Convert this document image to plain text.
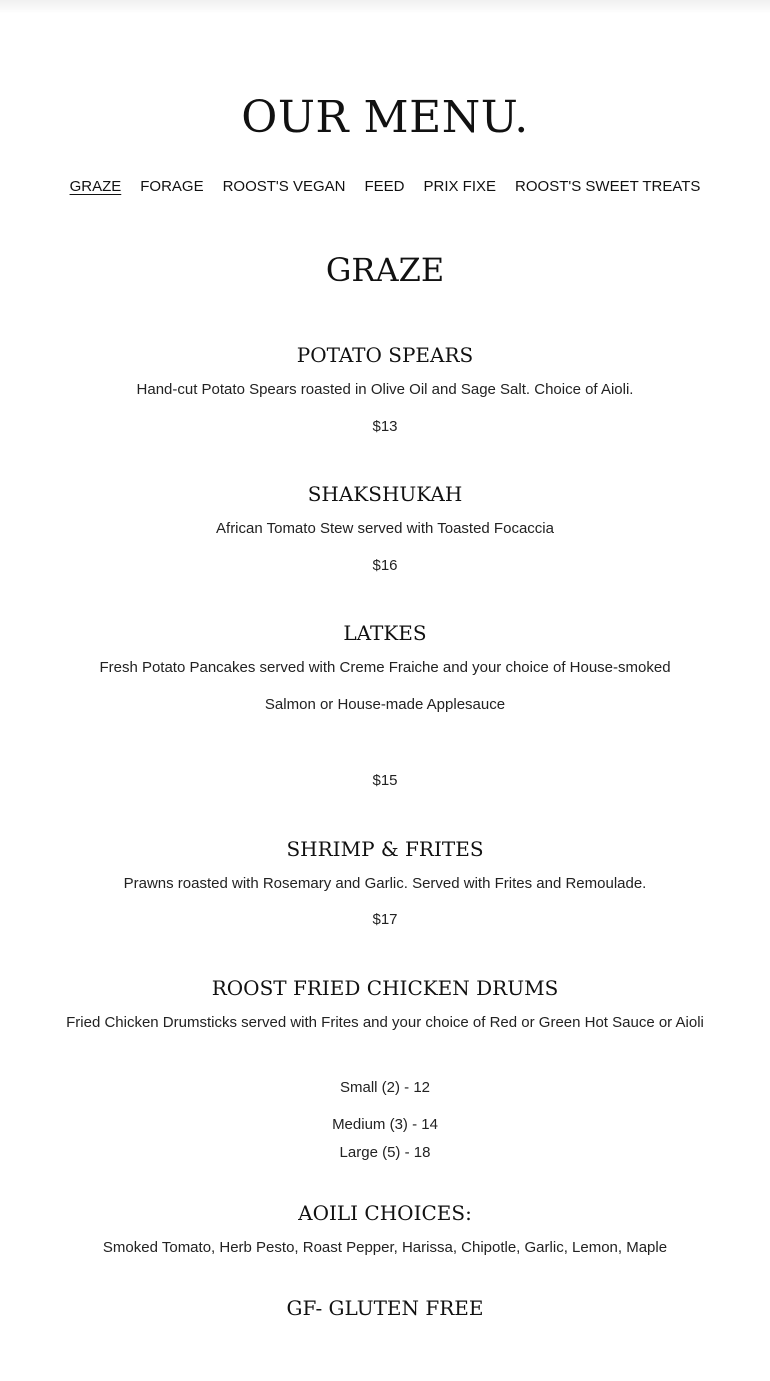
OUR MENU.
GRAZE FORAGE ROOST'S VEGAN FEED PRIX FIXE ROOST'S SWEET TREATS
GRAZE
POTATO SPEARS

Hand-cut Potato Spears roasted in Olive Oil and Sage Salt. Choice of Aioli.

$13

SHAKSHUKAH

African Tomato Stew served with Toasted Focaccia

$16

LATKES

Fresh Potato Pancakes served with Creme Fraiche and your choice of House-smoked

Salmon or House-made Applesauce

$15

SHRIMP & FRITES

Prawns roasted with Rosemary and Garlic. Served with Frites and Remoulade.

$17

ROOST FRIED CHICKEN DRUMS

Fried Chicken Drumsticks served with Frites and your choice of Red or Green Hot Sauce or Aioli

Small (2) - 12

Medium (3) - 14

Large (5) - 18

AOILI CHOICES:

Smoked Tomato, Herb Pesto, Roast Pepper, Harissa, Chipotle, Garlic, Lemon, Maple

GF- GLUTEN FREE
